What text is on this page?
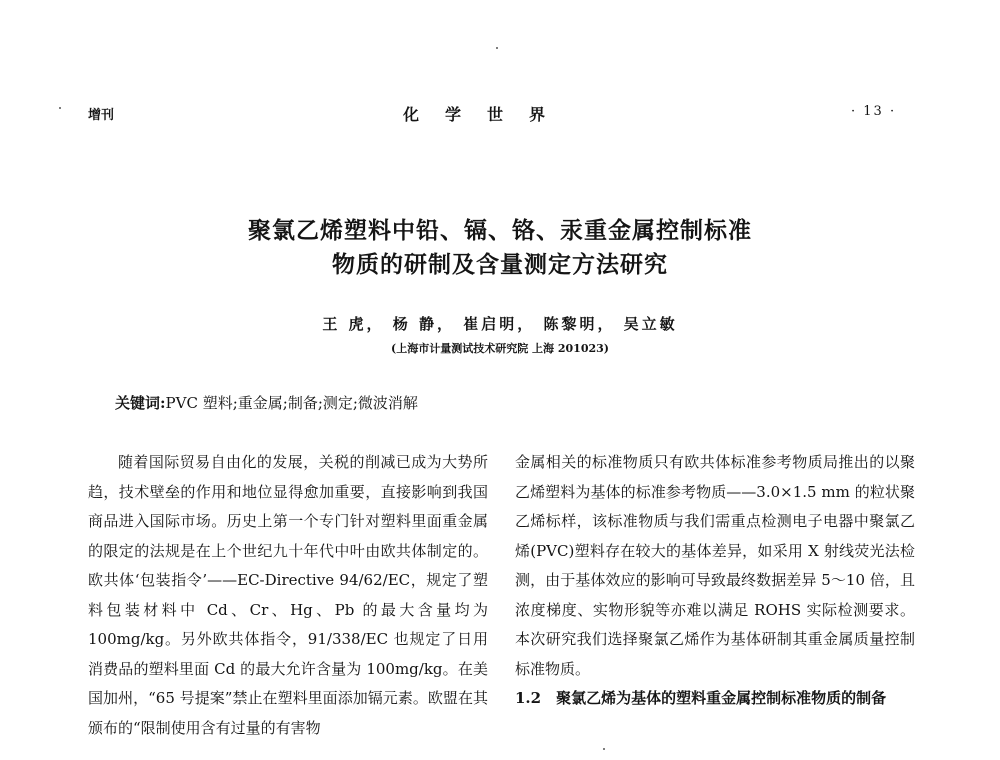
增刊	化学世界	· 13 ·
聚氯乙烯塑料中铅、镉、铬、汞重金属控制标准
物质的研制及含量测定方法研究
王 虎， 杨 静， 崔启明， 陈黎明， 吴立敏
(上海市计量测试技术研究院 上海 201023)
关键词:PVC 塑料;重金属;制备;测定;微波消解

随着国际贸易自由化的发展，关税的削减已成为大势所趋，技术壁垒的作用和地位显得愈加重要，直接影响到我国商品进入国际市场。历史上第一个专门针对塑料里面重金属的限定的法规是在上个世纪九十年代中叶由欧共体制定的。欧共体‘包装指令’——EC-Directive 94/62/EC，规定了塑料包装材料中 Cd、Cr、Hg、Pb 的最大含量均为 100mg/kg。另外欧共体指令，91/338/EC 也规定了日用消费品的塑料里面 Cd 的最大允许含量为 100mg/kg。在美国加州，“65 号提案”禁止在塑料里面添加镉元素。欧盟在其颁布的“限制使用含有过量的有害物

金属相关的标准物质只有欧共体标准参考物质局推出的以聚乙烯塑料为基体的标准参考物质——3.0×1.5 mm 的粒状聚乙烯标样，该标准物质与我们需重点检测电子电器中聚氯乙烯(PVC)塑料存在较大的基体差异，如采用 X 射线荧光法检测，由于基体效应的影响可导致最终数据差异 5～10 倍，且浓度梯度、实物形貌等亦难以满足 ROHS 实际检测要求。本次研究我们选择聚氯乙烯作为基体研制其重金属质量控制标准物质。

1.2　聚氯乙烯为基体的塑料重金属控制标准物质的制备
